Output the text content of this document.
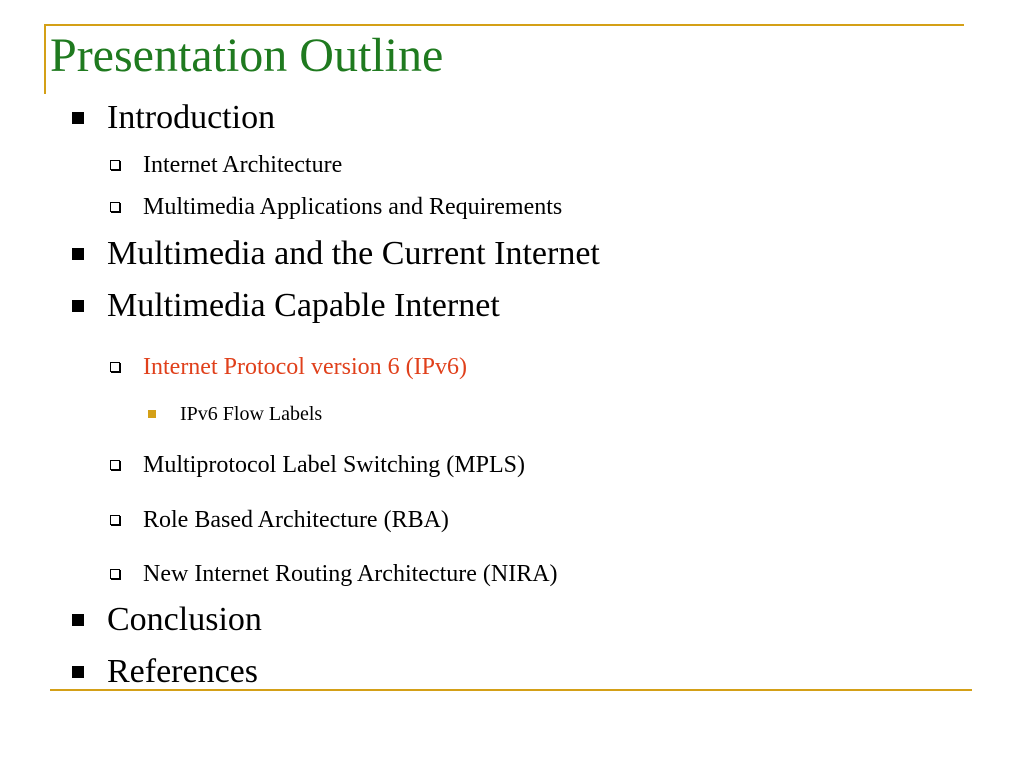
Presentation Outline
Introduction
Internet Architecture
Multimedia Applications and Requirements
Multimedia and the Current Internet
Multimedia Capable Internet
Internet Protocol version 6 (IPv6)
IPv6 Flow Labels
Multiprotocol Label Switching (MPLS)
Role Based Architecture (RBA)
New Internet Routing Architecture (NIRA)
Conclusion
References
